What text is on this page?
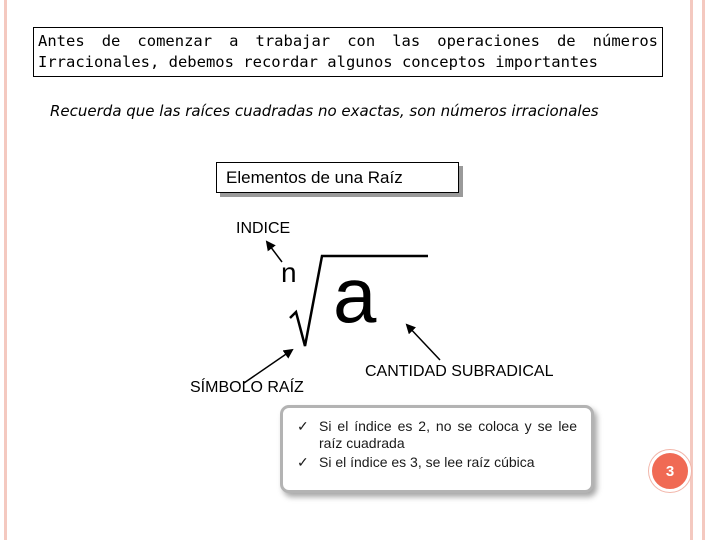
Antes de comenzar a trabajar con las operaciones de números
Irracionales, debemos recordar algunos conceptos importantes
Recuerda que las raíces cuadradas no exactas, son números irracionales
Elementos de una Raíz
INDICE
n a
SÍMBOLO RAÍZ
CANTIDAD SUBRADICAL
✓ Si el índice es 2, no se coloca y se lee raíz cuadrada
✓ Si el índice es 3, se lee raíz cúbica
3
